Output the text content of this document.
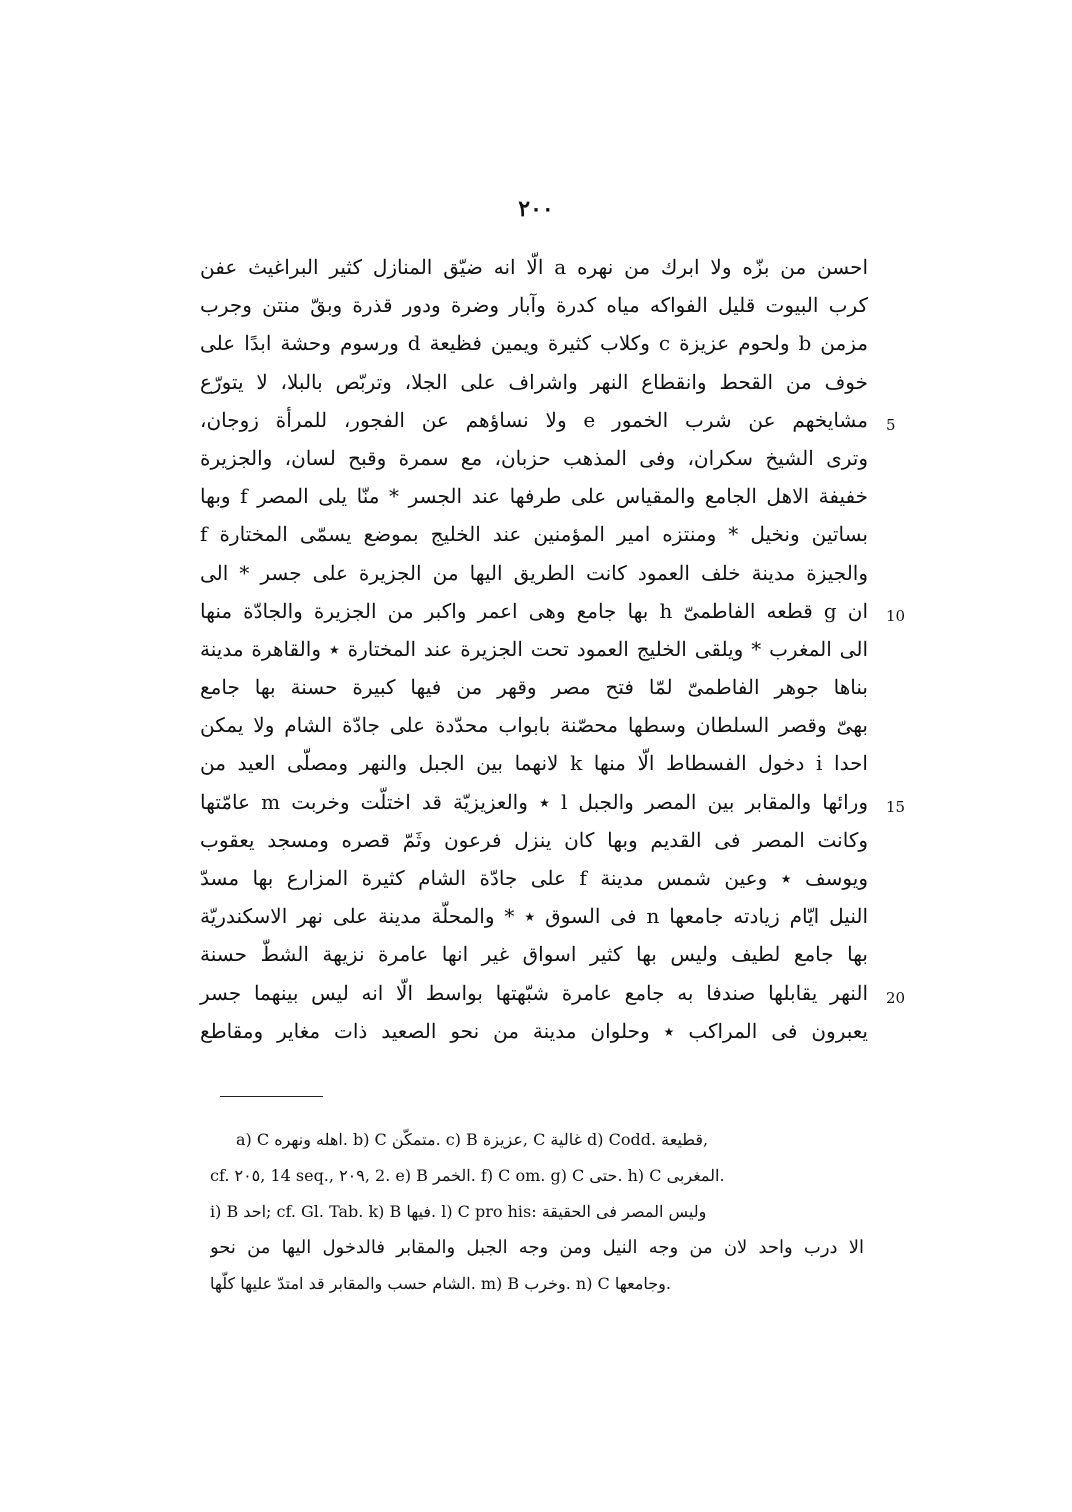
٢٠٠
احسن من بزّه ولا ابرك من نهره a الّا انه ضيّق المنازل كثير البراغيث عفن
كرب البيوت قليل الفواكه مياه كدرة وآبار وضرة ودور قذرة وبقّ منتن وجرب
مزمن b ولحوم عزيزة c وكلاب كثيرة ويمين فظيعة d ورسوم وحشة ابدًا على
خوف من القحط وانقطاع النهر واشراف على الجلا، وتربّص بالبلا، لا يتورّع
مشايخهم عن شرب الخمور e ولا نساؤهم عن الفجور، للمرأة زوجان،
وترى الشيخ سكران، وفى المذهب حزبان، مع سمرة وقبح لسان، والجزيرة
خفيفة الاهل الجامع والمقياس على طرفها عند الجسر * منّا يلى المصر f وبها
بساتين ونخيل * ومنتزه امير المؤمنين عند الخليج بموضع يسمّى المختارة f
والجيزة مدينة خلف العمود كانت الطريق اليها من الجزيرة على جسر * الى
ان g قطعه الفاطمىّ h بها جامع وهى اعمر واكبر من الجزيرة والجادّة منها
الى المغرب * ويلقى الخليج العمود تحت الجزيرة عند المختارة ٭ والقاهرة مدينة
بناها جوهر الفاطمىّ لمّا فتح مصر وقهر من فيها كبيرة حسنة بها جامع
بهىّ وقصر السلطان وسطها محصّنة بابواب محدّدة على جادّة الشام ولا يمكن
احدا i دخول الفسطاط الّا منها k لانهما بين الجبل والنهر ومصلّى العيد من
ورائها والمقابر بين المصر والجبل l ٭ والعزيزيّة قد اختلّت وخربت m عامّتها
وكانت المصر فى القديم وبها كان ينزل فرعون وثَمّ قصره ومسجد يعقوب
ويوسف ٭ وعين شمس مدينة f على جادّة الشام كثيرة المزارع بها مسدّ
النيل ايّام زيادته جامعها n فى السوق ٭ * والمحلّة مدينة على نهر الاسكندريّة
بها جامع لطيف وليس بها كثير اسواق غير انها عامرة نزيهة الشطّ حسنة
النهر يقابلها صندفا به جامع عامرة شبّهتها بواسط الّا انه ليس بينهما جسر
يعبرون فى المراكب ٭ وحلوان مدينة من نحو الصعيد ذات مغاير ومقاطع
5
10
15
20
a) C اهله ونهره. b) C متمكّن. c) B عزيزة, C غالية d) Codd. قطيعة,
cf. ٢٠٥, 14 seq., ٢٠٩, 2. e) B الخمر. f) C om. g) C حتى. h) C المغربى.
i) B احد; cf. Gl. Tab. k) B فيها. l) C pro his: وليس المصر فى الحقيقة
الا درب واحد لان من وجه النيل ومن وجه الجبل والمقابر فالدخول اليها من نحو
الشام حسب والمقابر قد امتدّ عليها كلّها. m) B وخرب. n) C وجامعها.
